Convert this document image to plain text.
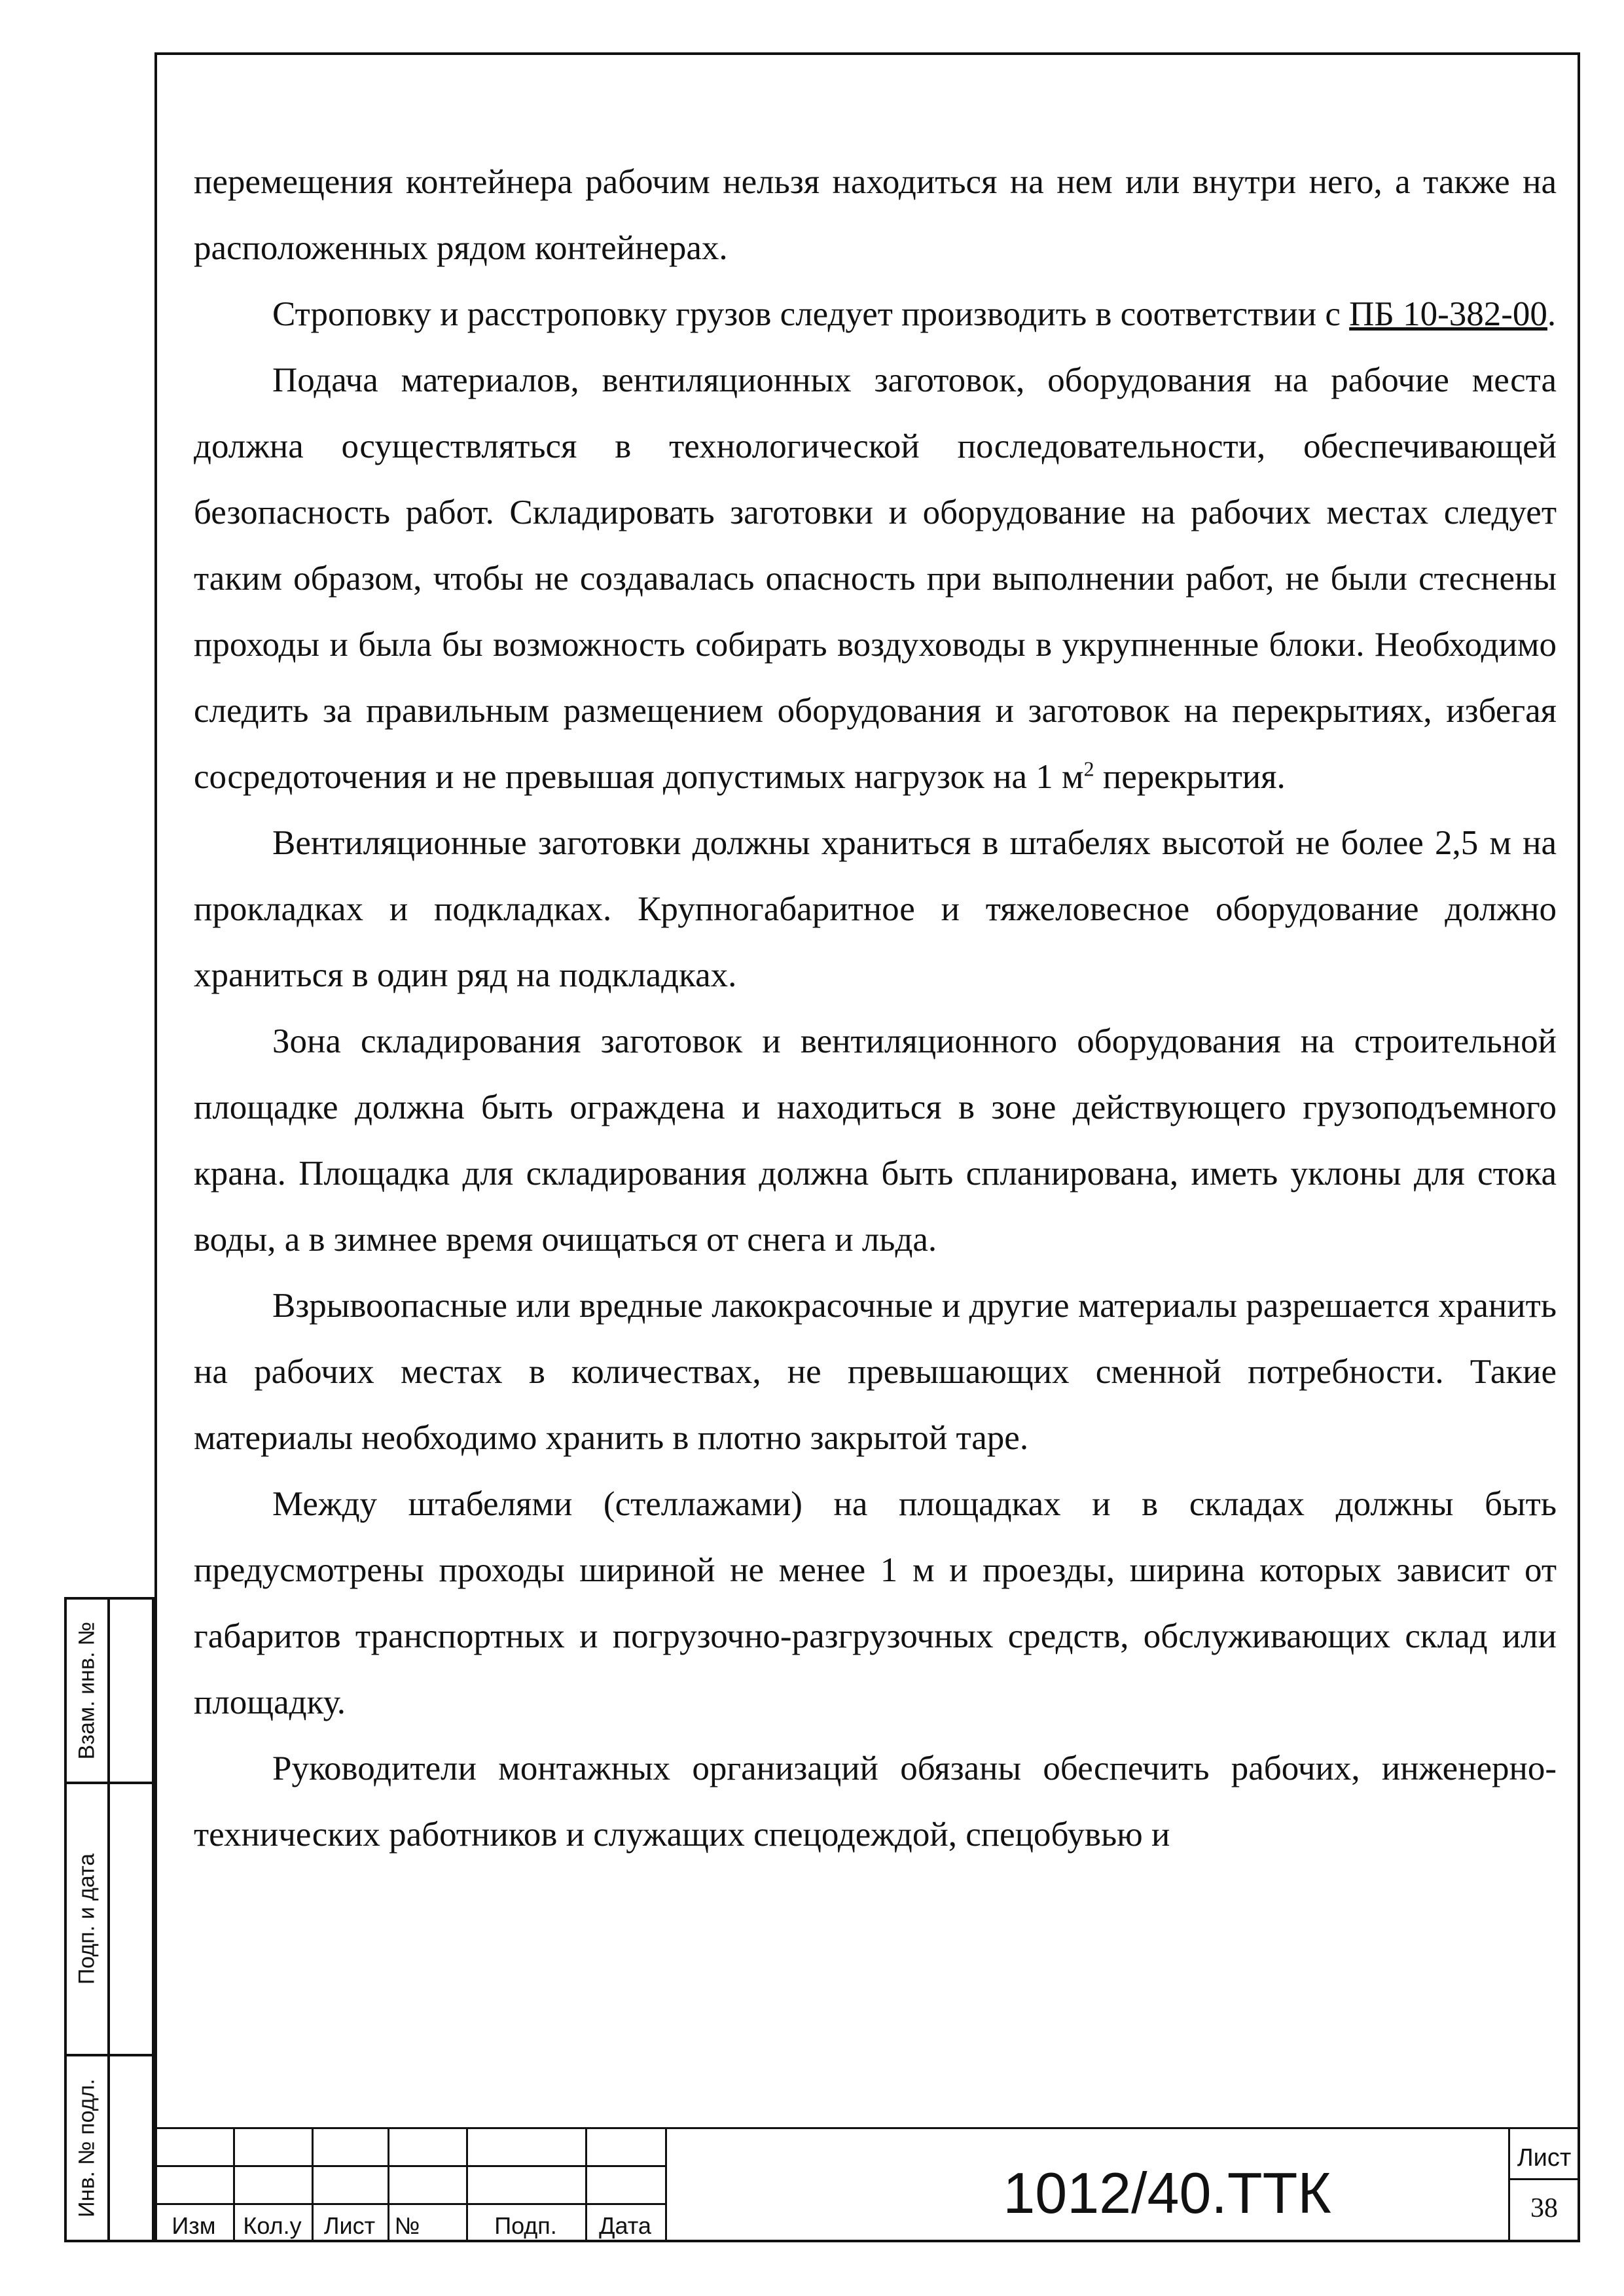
перемещения контейнера рабочим нельзя находиться на нем или внутри него, а также на расположенных рядом контейнерах.

Строповку и расстроповку грузов следует производить в соответствии с ПБ 10-382-00.

Подача материалов, вентиляционных заготовок, оборудования на рабочие места должна осуществляться в технологической последовательности, обеспечивающей безопасность работ. Складировать заготовки и оборудование на рабочих местах следует таким образом, чтобы не создавалась опасность при выполнении работ, не были стеснены проходы и была бы возможность собирать воздуховоды в укрупненные блоки. Необходимо следить за правильным размещением оборудования и заготовок на перекрытиях, избегая сосредоточения и не превышая допустимых нагрузок на 1 $м^2$ перекрытия.

Вентиляционные заготовки должны храниться в штабелях высотой не более 2,5 м на прокладках и подкладках. Крупногабаритное и тяжеловесное оборудование должно храниться в один ряд на подкладках.

Зона складирования заготовок и вентиляционного оборудования на строительной площадке должна быть ограждена и находиться в зоне действующего грузоподъемного крана. Площадка для складирования должна быть спланирована, иметь уклоны для стока воды, а в зимнее время очищаться от снега и льда.

Взрывоопасные или вредные лакокрасочные и другие материалы разрешается хранить на рабочих местах в количествах, не превышающих сменной потребности. Такие материалы необходимо хранить в плотно закрытой таре.

Между штабелями (стеллажами) на площадках и в складах должны быть предусмотрены проходы шириной не менее 1 м и проезды, ширина которых зависит от габаритов транспортных и погрузочно-разгрузочных средств, обслуживающих склад или площадку.

Руководители монтажных организаций обязаны обеспечить рабочих, инженерно-технических работников и служащих спецодеждой, спецобувью и

Взам. инв. №
Подп. и дата
Инв. № подл.
Изм	Кол.у Лист №	Подп.	Дата
1012/40.ТТК
Лист
38
